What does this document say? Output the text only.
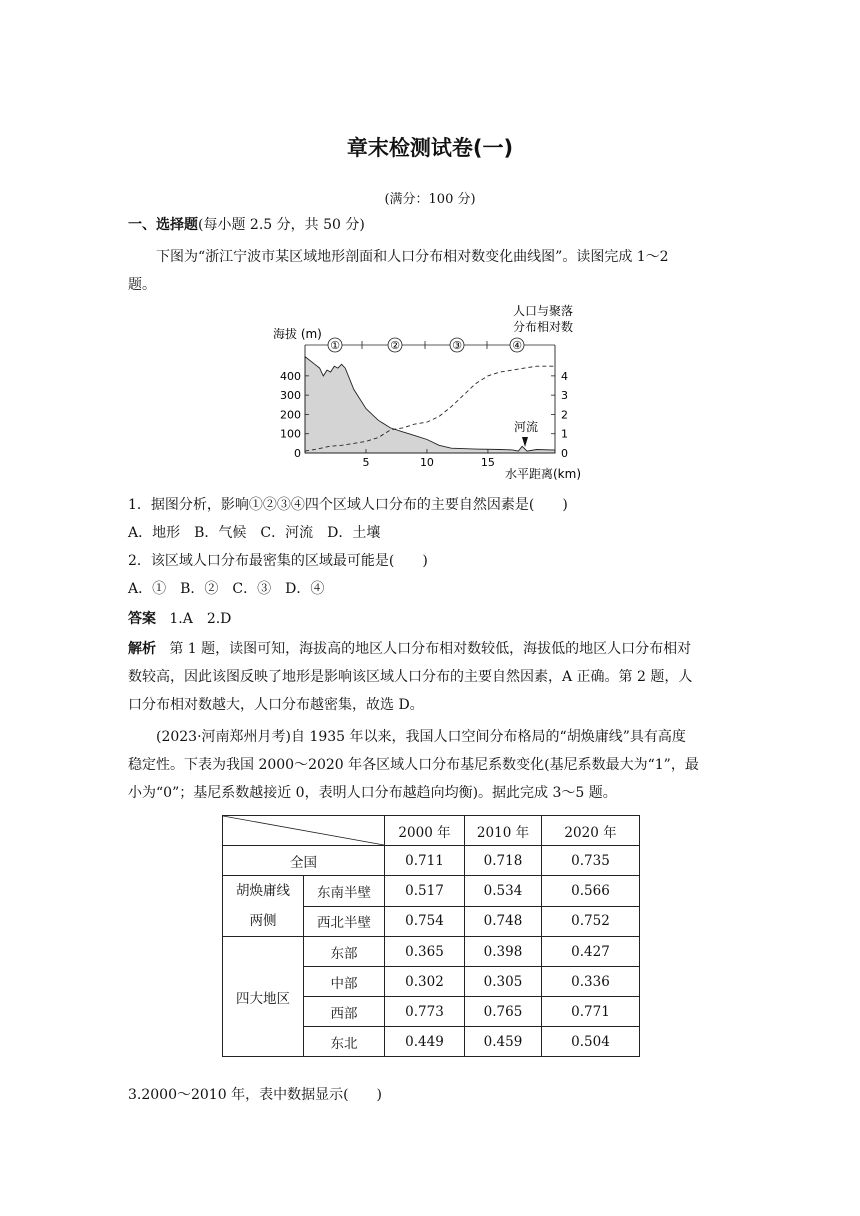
章末检测试卷(一)
(满分：100 分)
一、选择题(每小题 2.5 分，共 50 分)
下图为“浙江宁波市某区域地形剖面和人口分布相对数变化曲线图”。读图完成 1～2
题。
海拔 (m)
人口与聚落
分布相对数
①	②	③	④
400
300
200
100
0
4
3
2
1
0
5	10	15
河流
水平距离(km)
1．据图分析，影响①②③④四个区域人口分布的主要自然因素是(　　)
A．地形　B．气候　C．河流　D．土壤
2．该区域人口分布最密集的区域最可能是(　　)
A．①　B．②　C．③　D．④
答案 1.A　2.D
解析 第 1 题，读图可知，海拔高的地区人口分布相对数较低，海拔低的地区人口分布相对
数较高，因此该图反映了地形是影响该区域人口分布的主要自然因素，A 正确。第 2 题，人
口分布相对数越大，人口分布越密集，故选 D。
(2023·河南郑州月考)自 1935 年以来，我国人口空间分布格局的“胡焕庸线”具有高度
稳定性。下表为我国 2000～2020 年各区域人口分布基尼系数变化(基尼系数最大为“1”，最
小为“0”；基尼系数越接近 0，表明人口分布越趋向均衡)。据此完成 3～5 题。
	2000 年	2010 年	2020 年
全国		0.711	0.718	0.735

胡焕庸线
两侧	东南半壁	0.517	0.534	0.566
	西北半壁	0.754	0.748	0.752
四大地区	东部	0.365	0.398	0.427
	中部	0.302	0.305	0.336
	西部	0.773	0.765	0.771
	东北	0.449	0.459	0.504
3.2000～2010 年，表中数据显示(　　)
